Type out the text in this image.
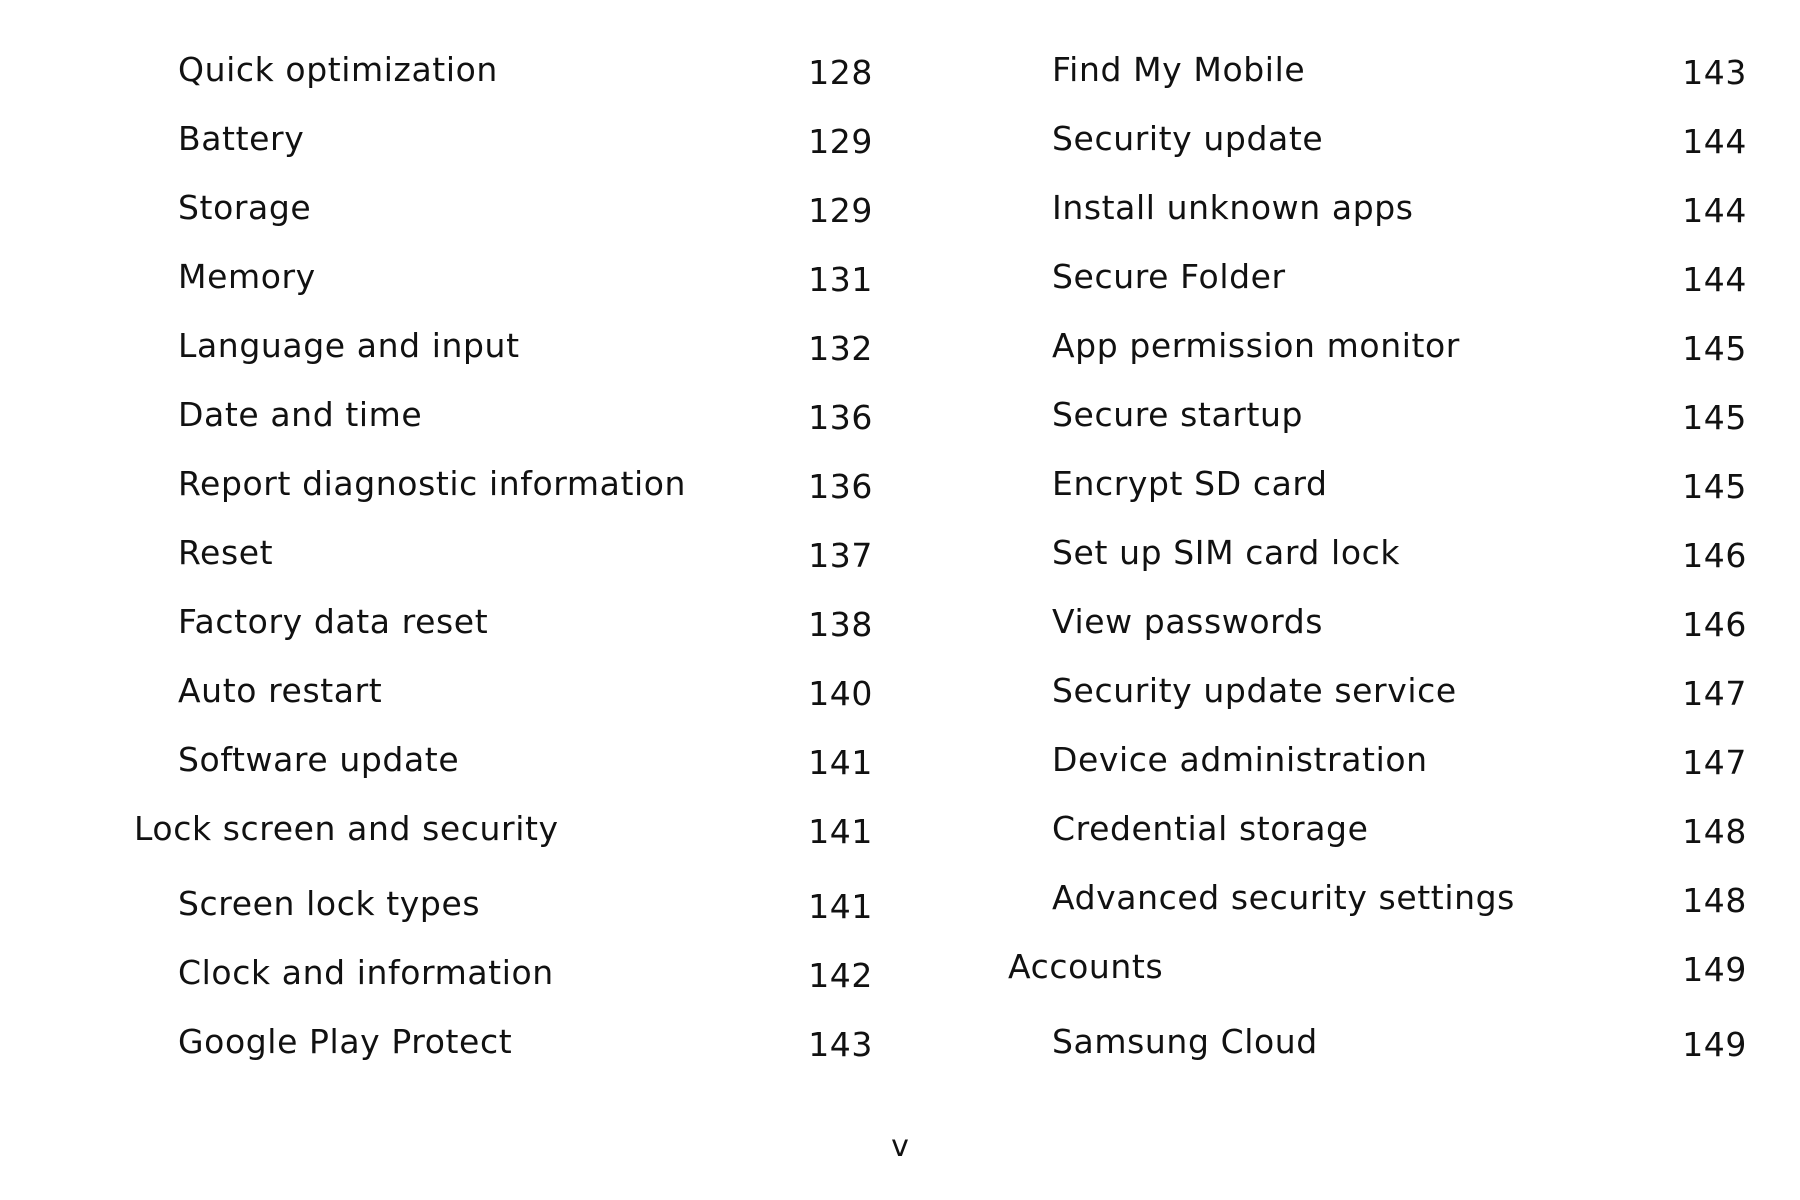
Quick optimization	128
Battery	129
Storage	129
Memory	131
Language and input	132
Date and time	136
Report diagnostic information	136
Reset	137
Factory data reset	138
Auto restart	140
Software update	141
Lock screen and security	141
Screen lock types	141
Clock and information	142
Google Play Protect	143
Find My Mobile	143
Security update	144
Install unknown apps	144
Secure Folder	144
App permission monitor	145
Secure startup	145
Encrypt SD card	145
Set up SIM card lock	146
View passwords	146
Security update service	147
Device administration	147
Credential storage	148
Advanced security settings	148
Accounts	149
Samsung Cloud	149
v
